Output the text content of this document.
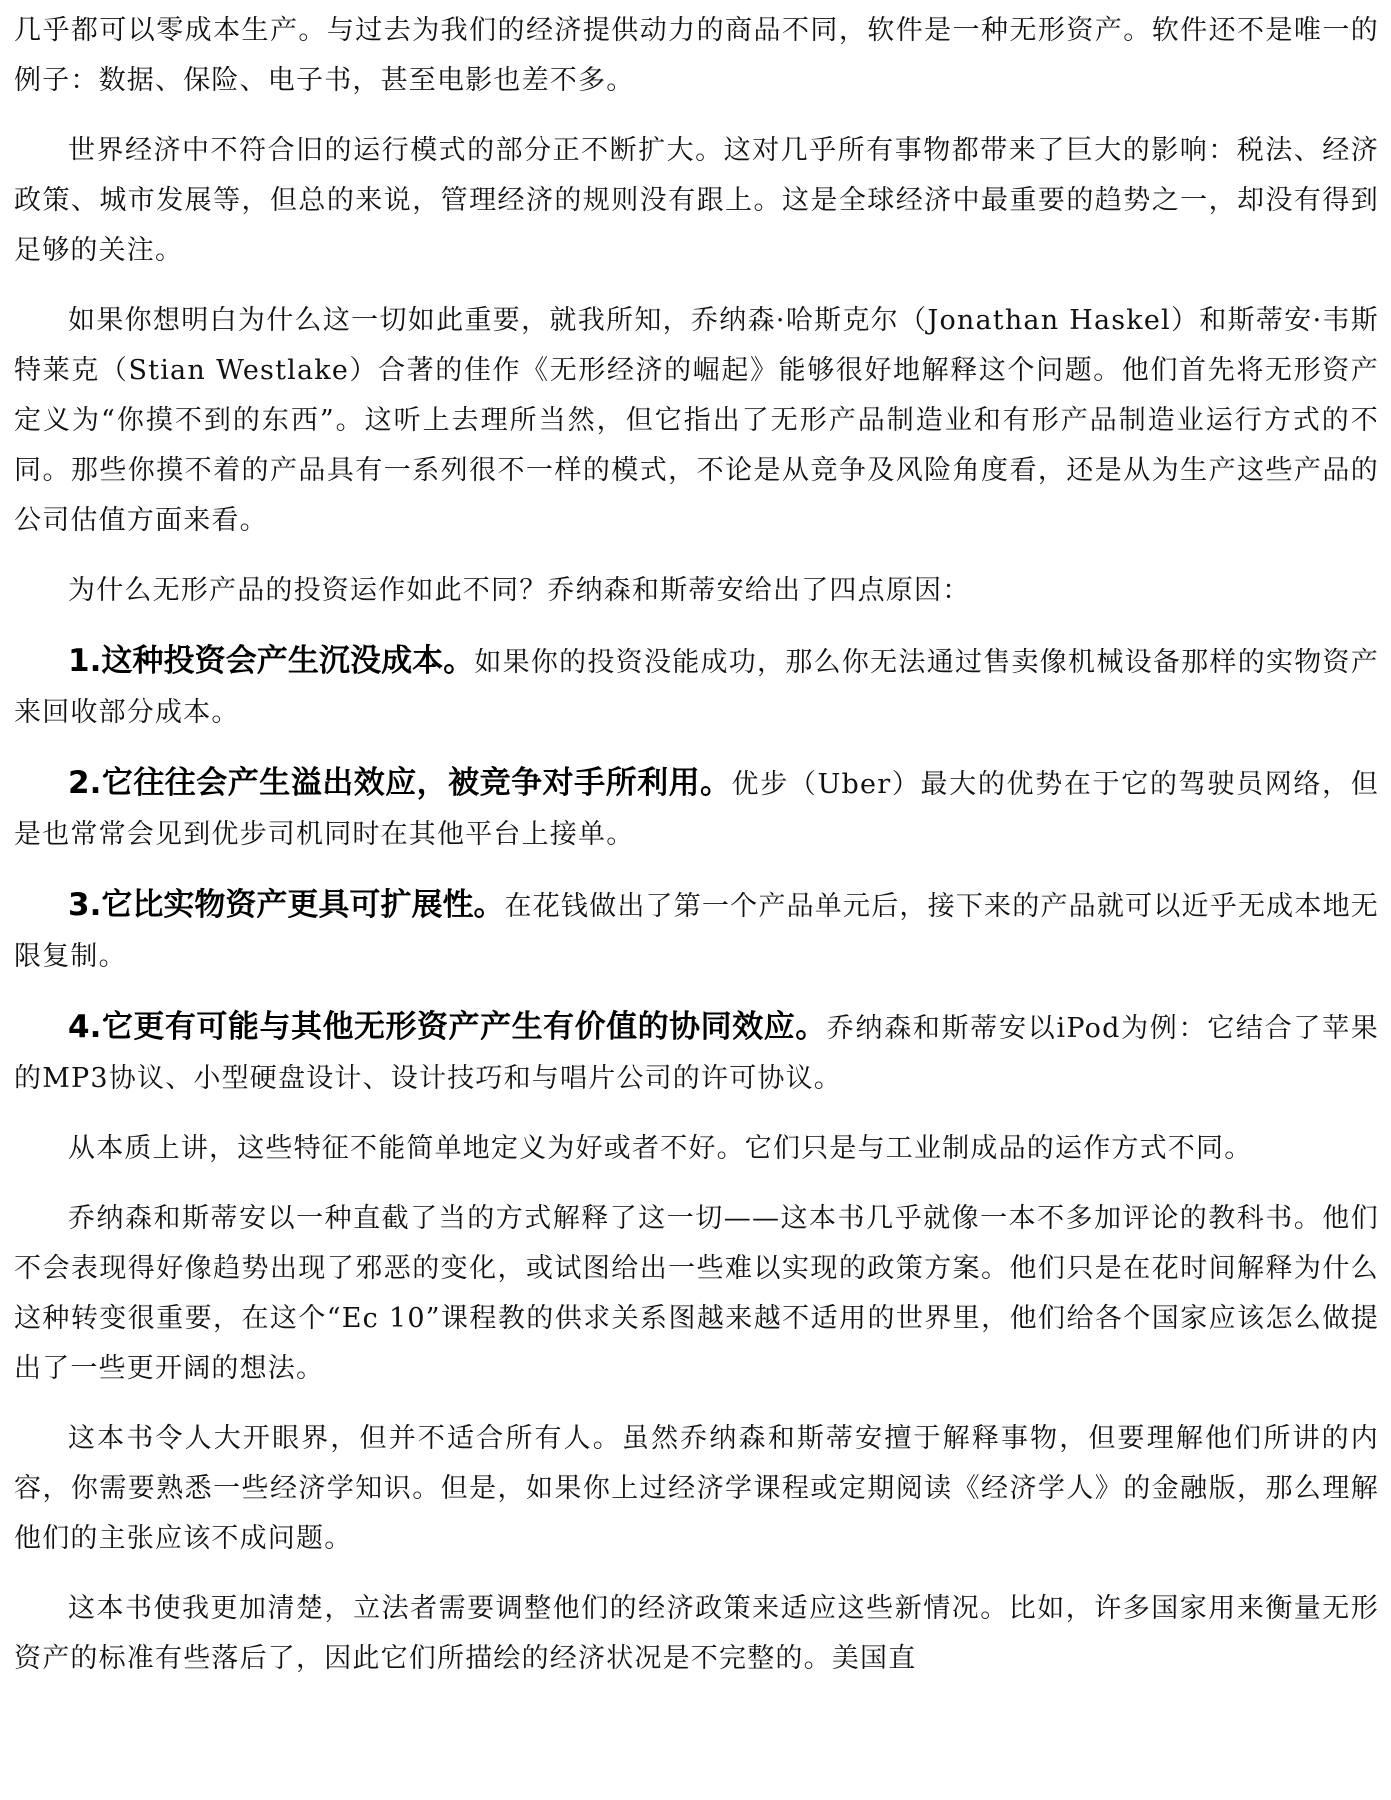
几乎都可以零成本生产。与过去为我们的经济提供动力的商品不同，软件是一种无形资产。软件还不是唯一的例子：数据、保险、电子书，甚至电影也差不多。

世界经济中不符合旧的运行模式的部分正不断扩大。这对几乎所有事物都带来了巨大的影响：税法、经济政策、城市发展等，但总的来说，管理经济的规则没有跟上。这是全球经济中最重要的趋势之一，却没有得到足够的关注。

如果你想明白为什么这一切如此重要，就我所知，乔纳森·哈斯克尔（Jonathan Haskel）和斯蒂安·韦斯特莱克（Stian Westlake）合著的佳作《无形经济的崛起》能够很好地解释这个问题。他们首先将无形资产定义为“你摸不到的东西”。这听上去理所当然，但它指出了无形产品制造业和有形产品制造业运行方式的不同。那些你摸不着的产品具有一系列很不一样的模式，不论是从竞争及风险角度看，还是从为生产这些产品的公司估值方面来看。

为什么无形产品的投资运作如此不同？乔纳森和斯蒂安给出了四点原因：

1.这种投资会产生沉没成本。如果你的投资没能成功，那么你无法通过售卖像机械设备那样的实物资产来回收部分成本。

2.它往往会产生溢出效应，被竞争对手所利用。优步（Uber）最大的优势在于它的驾驶员网络，但是也常常会见到优步司机同时在其他平台上接单。

3.它比实物资产更具可扩展性。在花钱做出了第一个产品单元后，接下来的产品就可以近乎无成本地无限复制。

4.它更有可能与其他无形资产产生有价值的协同效应。乔纳森和斯蒂安以iPod为例：它结合了苹果的MP3协议、小型硬盘设计、设计技巧和与唱片公司的许可协议。

从本质上讲，这些特征不能简单地定义为好或者不好。它们只是与工业制成品的运作方式不同。

乔纳森和斯蒂安以一种直截了当的方式解释了这一切——这本书几乎就像一本不多加评论的教科书。他们不会表现得好像趋势出现了邪恶的变化，或试图给出一些难以实现的政策方案。他们只是在花时间解释为什么这种转变很重要，在这个“Ec 10”课程教的供求关系图越来越不适用的世界里，他们给各个国家应该怎么做提出了一些更开阔的想法。

这本书令人大开眼界，但并不适合所有人。虽然乔纳森和斯蒂安擅于解释事物，但要理解他们所讲的内容，你需要熟悉一些经济学知识。但是，如果你上过经济学课程或定期阅读《经济学人》的金融版，那么理解他们的主张应该不成问题。

这本书使我更加清楚，立法者需要调整他们的经济政策来适应这些新情况。比如，许多国家用来衡量无形资产的标准有些落后了，因此它们所描绘的经济状况是不完整的。美国直
